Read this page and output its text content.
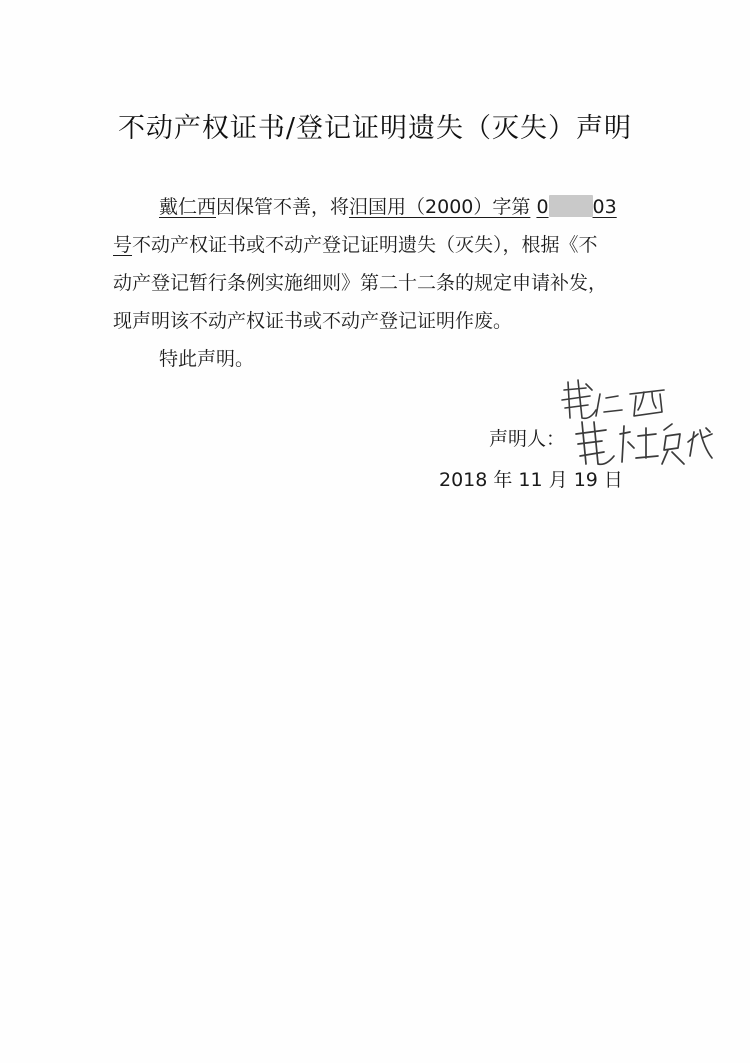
不动产权证书/登记证明遗失（灭失）声明
戴仁西因保管不善，将汨国用（2000）字第 0 03
号不动产权证书或不动产登记证明遗失（灭失），根据《不
动产登记暂行条例实施细则》第二十二条的规定申请补发，
现声明该不动产权证书或不动产登记证明作废。
特此声明。
声明人：
2018 年 11 月 19 日
